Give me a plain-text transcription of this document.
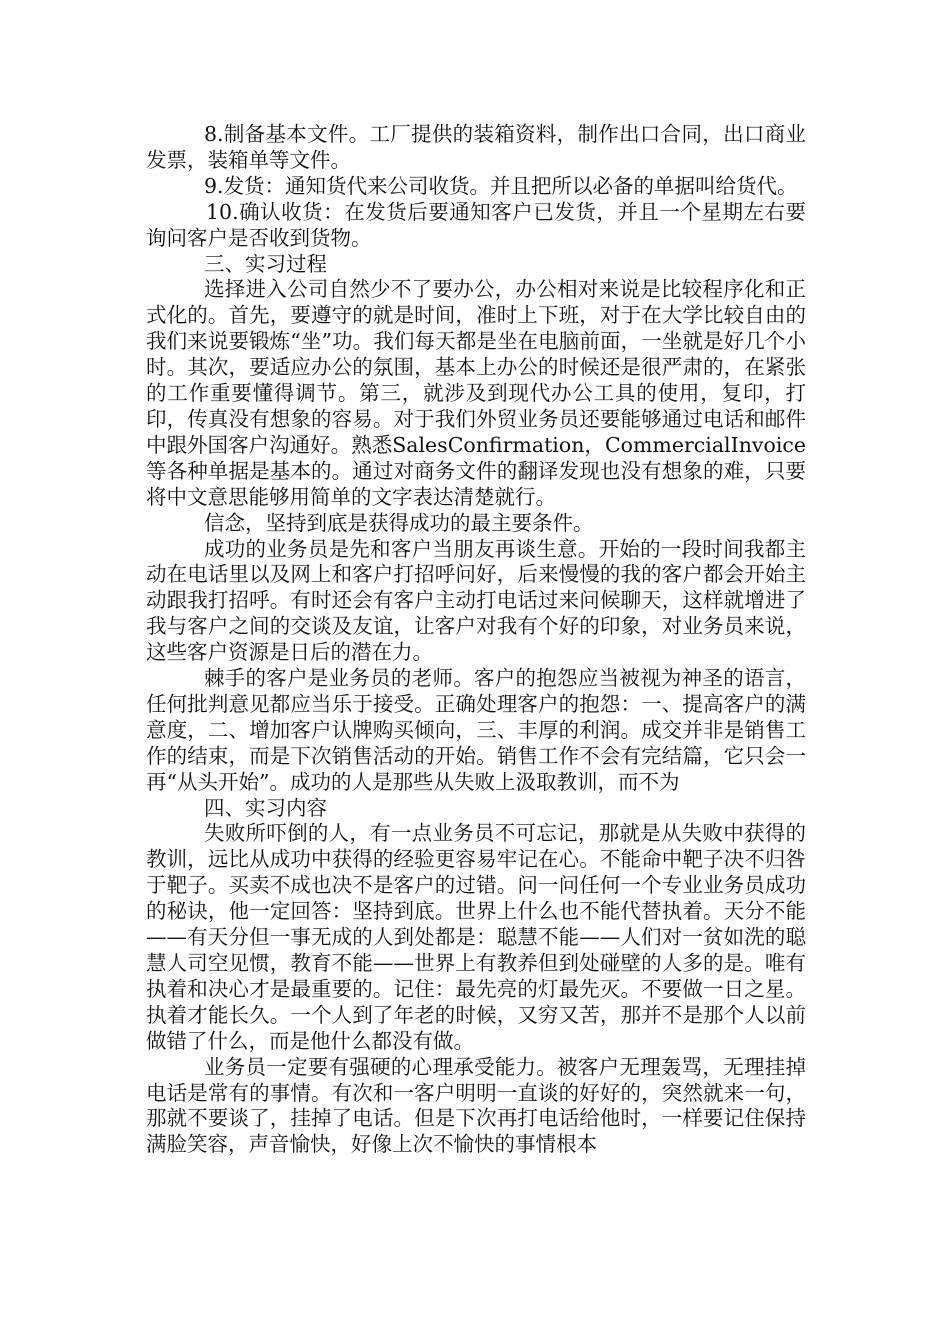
8.制备基本文件。工厂提供的装箱资料，制作出口合同，出口商业发票，装箱单等文件。

9.发货：通知货代来公司收货。并且把所以必备的单据叫给货代。

10.确认收货：在发货后要通知客户已发货，并且一个星期左右要询问客户是否收到货物。

三、实习过程

选择进入公司自然少不了要办公，办公相对来说是比较程序化和正式化的。首先，要遵守的就是时间，准时上下班，对于在大学比较自由的我们来说要锻炼“坐”功。我们每天都是坐在电脑前面，一坐就是好几个小时。其次，要适应办公的氛围，基本上办公的时候还是很严肃的，在紧张的工作重要懂得调节。第三，就涉及到现代办公工具的使用，复印，打印，传真没有想象的容易。对于我们外贸业务员还要能够通过电话和邮件中跟外国客户沟通好。熟悉SalesConfirmation，CommercialInvoice等各种单据是基本的。通过对商务文件的翻译发现也没有想象的难，只要将中文意思能够用简单的文字表达清楚就行。

信念，坚持到底是获得成功的最主要条件。

成功的业务员是先和客户当朋友再谈生意。开始的一段时间我都主动在电话里以及网上和客户打招呼问好，后来慢慢的我的客户都会开始主动跟我打招呼。有时还会有客户主动打电话过来问候聊天，这样就增进了我与客户之间的交谈及友谊，让客户对我有个好的印象，对业务员来说，这些客户资源是日后的潜在力。

棘手的客户是业务员的老师。客户的抱怨应当被视为神圣的语言，任何批判意见都应当乐于接受。正确处理客户的抱怨：一、提高客户的满意度，二、增加客户认牌购买倾向，三、丰厚的利润。成交并非是销售工作的结束，而是下次销售活动的开始。销售工作不会有完结篇，它只会一再“从头开始”。成功的人是那些从失败上汲取教训，而不为

四、实习内容

失败所吓倒的人，有一点业务员不可忘记，那就是从失败中获得的教训，远比从成功中获得的经验更容易牢记在心。不能命中靶子决不归咎于靶子。买卖不成也决不是客户的过错。问一问任何一个专业业务员成功的秘诀，他一定回答：坚持到底。世界上什么也不能代替执着。天分不能——有天分但一事无成的人到处都是：聪慧不能——人们对一贫如洗的聪慧人司空见惯，教育不能——世界上有教养但到处碰壁的人多的是。唯有执着和决心才是最重要的。记住：最先亮的灯最先灭。不要做一日之星。执着才能长久。一个人到了年老的时候，又穷又苦，那并不是那个人以前做错了什么，而是他什么都没有做。

业务员一定要有强硬的心理承受能力。被客户无理轰骂，无理挂掉电话是常有的事情。有次和一客户明明一直谈的好好的，突然就来一句，那就不要谈了，挂掉了电话。但是下次再打电话给他时，一样要记住保持满脸笑容，声音愉快，好像上次不愉快的事情根本
